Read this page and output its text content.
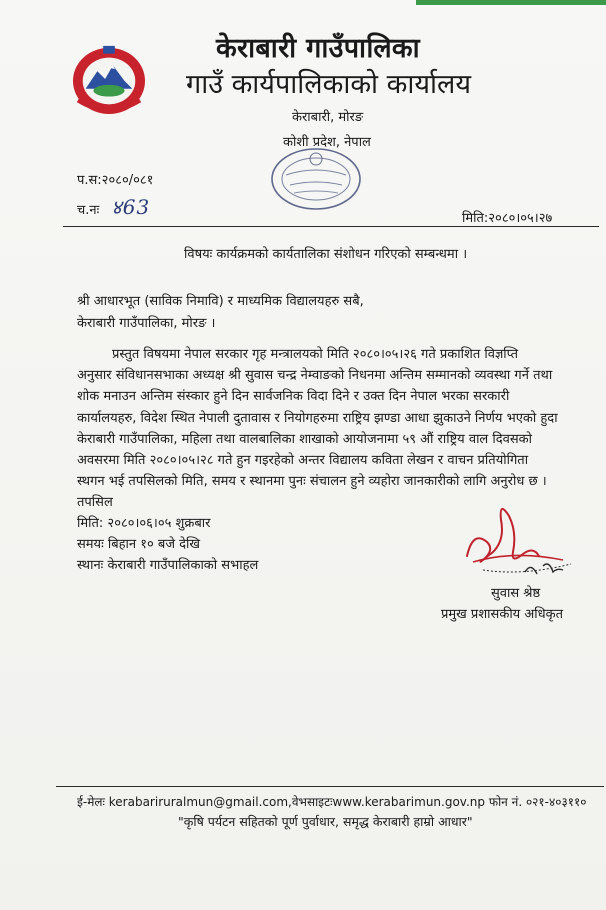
केराबारी गाउँपालिका
गाउँ कार्यपालिकाको कार्यालय
केराबारी, मोरङ
कोशी प्रदेश, नेपाल
प.स:२०८०/०८१
च.नः ४63	मिति:२०८०।०५।२७
विषयः कार्यक्रमको कार्यतालिका संशोधन गरिएको सम्बन्धमा ।
श्री आधारभूत (साविक निमावि) र माध्यमिक विद्यालयहरु सबै,
केराबारी गाउँपालिका, मोरङ ।
प्रस्तुत विषयमा नेपाल सरकार गृह मन्त्रालयको मिति २०८०।०५।२६ गते प्रकाशित विज्ञप्ति
अनुसार संविधानसभाका अध्यक्ष श्री सुवास चन्द्र नेम्वाङको निधनमा अन्तिम सम्मानको व्यवस्था गर्ने तथा
शोक मनाउन अन्तिम संस्कार हुने दिन सार्वजनिक विदा दिने र उक्त दिन नेपाल भरका सरकारी
कार्यालयहरु, विदेश स्थित नेपाली दुतावास र नियोगहरुमा राष्ट्रिय झण्डा आधा झुकाउने निर्णय भएको हुदा
केराबारी गाउँपालिका, महिला तथा वालबालिका शाखाको आयोजनामा ५९ औं राष्ट्रिय वाल दिवसको
अवसरमा मिति २०८०।०५।२८ गते हुन गइरहेको अन्तर विद्यालय कविता लेखन र वाचन प्रतियोगिता
स्थगन भई तपसिलको मिति, समय र स्थानमा पुनः संचालन हुने व्यहोरा जानकारीको लागि अनुरोध छ ।
तपसिल
मिति: २०८०।०६।०५ शुक्रबार
समयः बिहान १० बजे देखि
स्थानः केराबारी गाउँपालिकाको सभाहल
सुवास श्रेष्ठ
प्रमुख प्रशासकीय अधिकृत
ई-मेलः kerabariruralmun@gmail.com,वेभसाइटःwww.kerabarimun.gov.np फोन नं. ०२१-४०३११०
"कृषि पर्यटन सहितको पूर्ण पुर्वाधार, समृद्ध केराबारी हाम्रो आधार"
